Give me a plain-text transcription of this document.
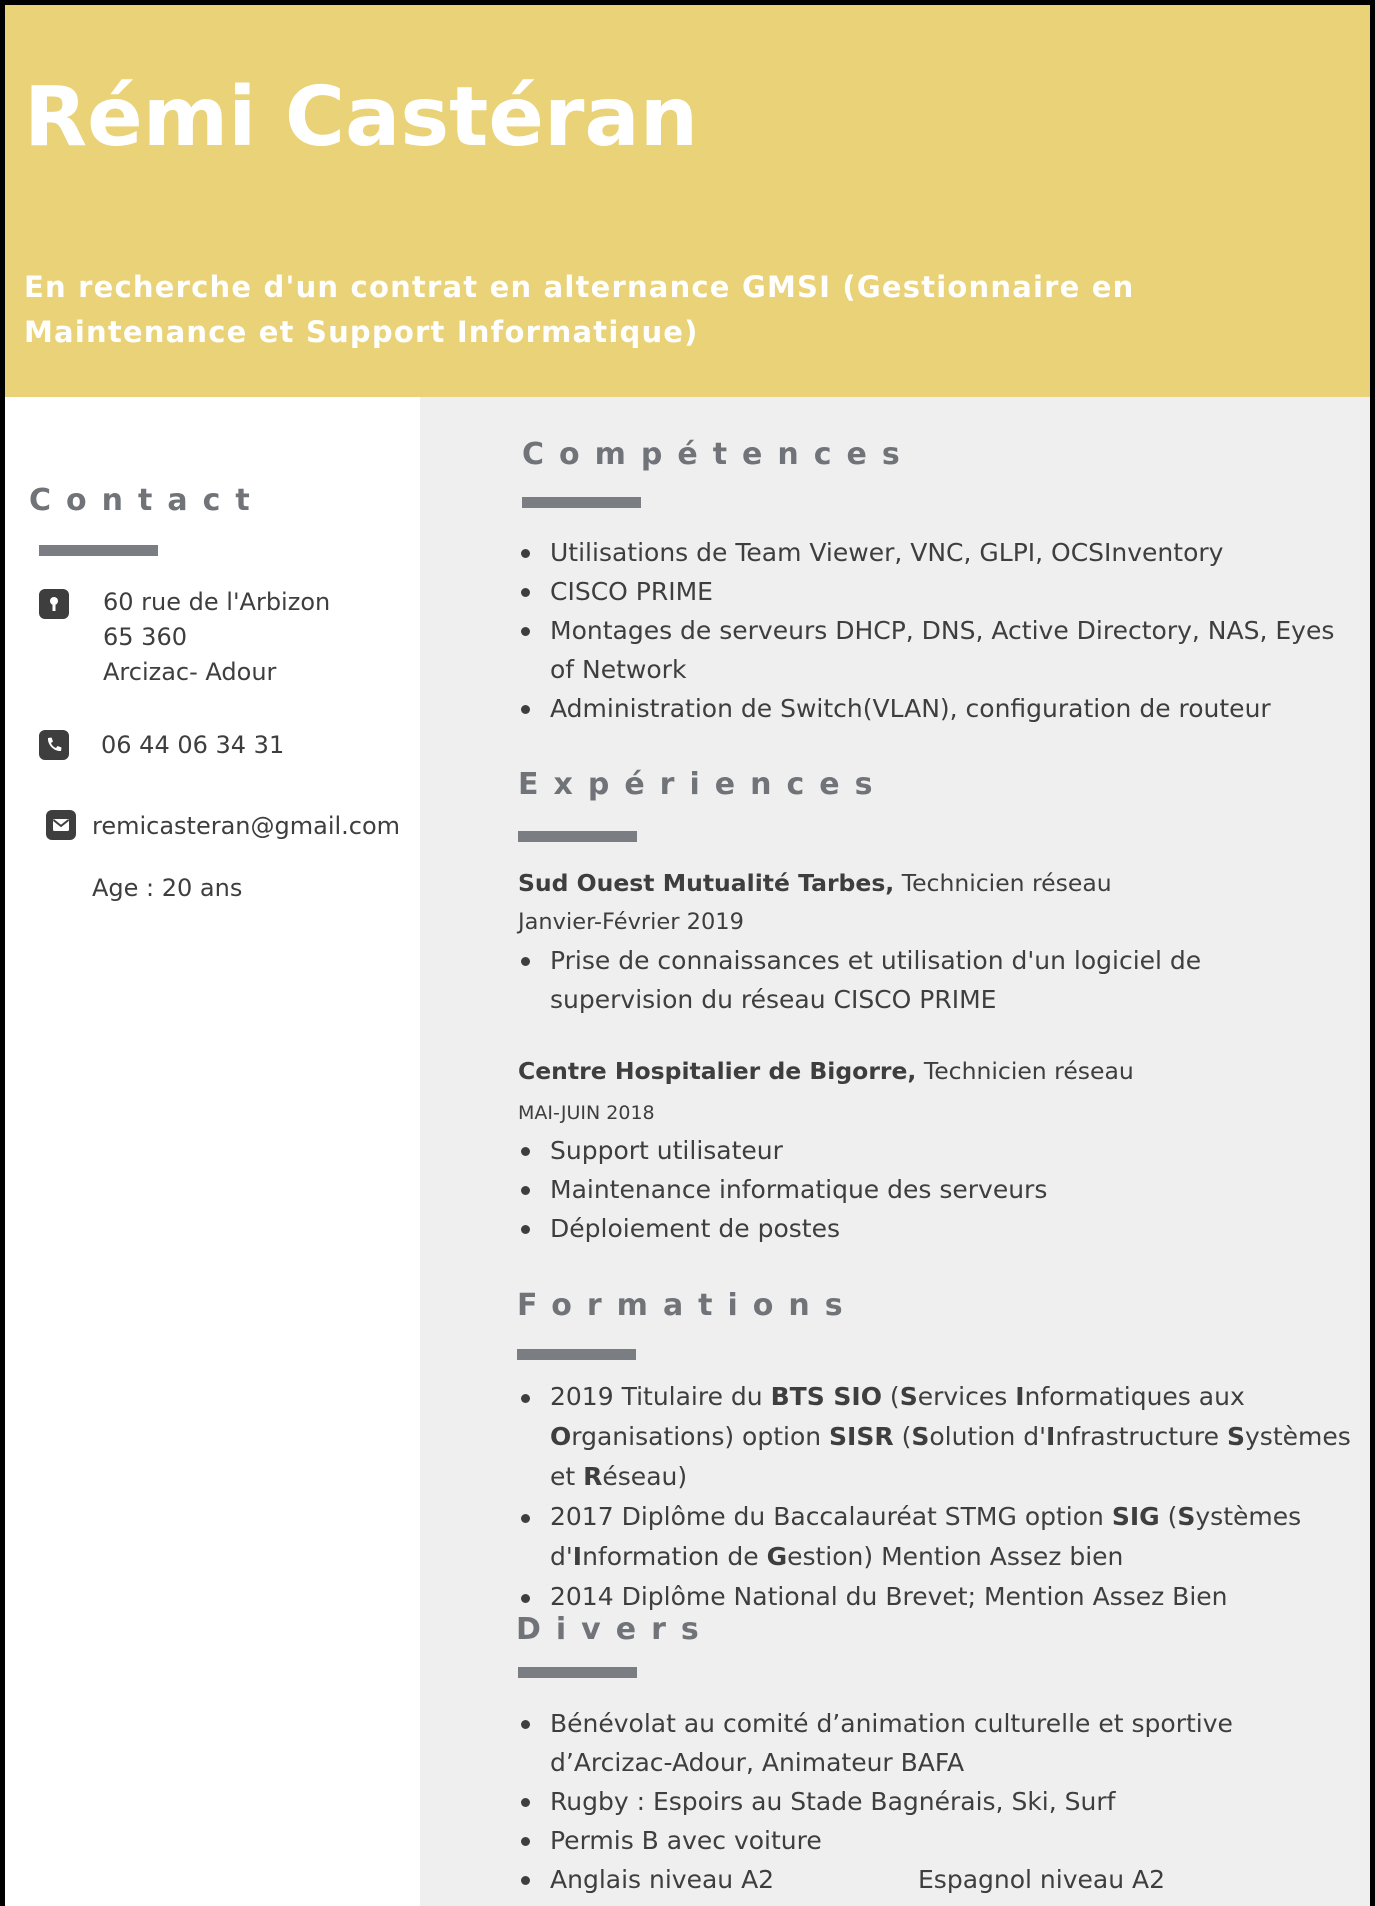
Rémi Castéran

En recherche d'un contrat en alternance GMSI (Gestionnaire en Maintenance et Support Informatique)

Contact

60 rue de l'Arbizon

65 360

Arcizac- Adour

06 44 06 34 31

remicasteran@gmail.com

Age : 20 ans

Compétences
Utilisations de Team Viewer, VNC, GLPI, OCSInventory
CISCO PRIME
Montages de serveurs DHCP, DNS, Active Directory, NAS, Eyes of Network
Administration de Switch(VLAN), configuration de routeur
Expériences

Sud Ouest Mutualité Tarbes, Technicien réseau

Janvier-Février 2019

Prise de connaissances et utilisation d'un logiciel de supervision du réseau CISCO PRIME

Centre Hospitalier de Bigorre, Technicien réseau

MAI-JUIN 2018

Support utilisateur
Maintenance informatique des serveurs
Déploiement de postes
Formations
2019 Titulaire du BTS SIO (Services Informatiques aux Organisations) option SISR (Solution d'Infrastructure Systèmes et Réseau)
2017 Diplôme du Baccalauréat STMG option SIG (Systèmes d'Information de Gestion) Mention Assez bien
2014 Diplôme National du Brevet; Mention Assez Bien
Divers
Bénévolat au comité d’animation culturelle et sportive d’Arcizac-Adour, Animateur BAFA
Rugby : Espoirs au Stade Bagnérais, Ski, Surf
Permis B avec voiture
Anglais niveau A2	Espagnol niveau A2
